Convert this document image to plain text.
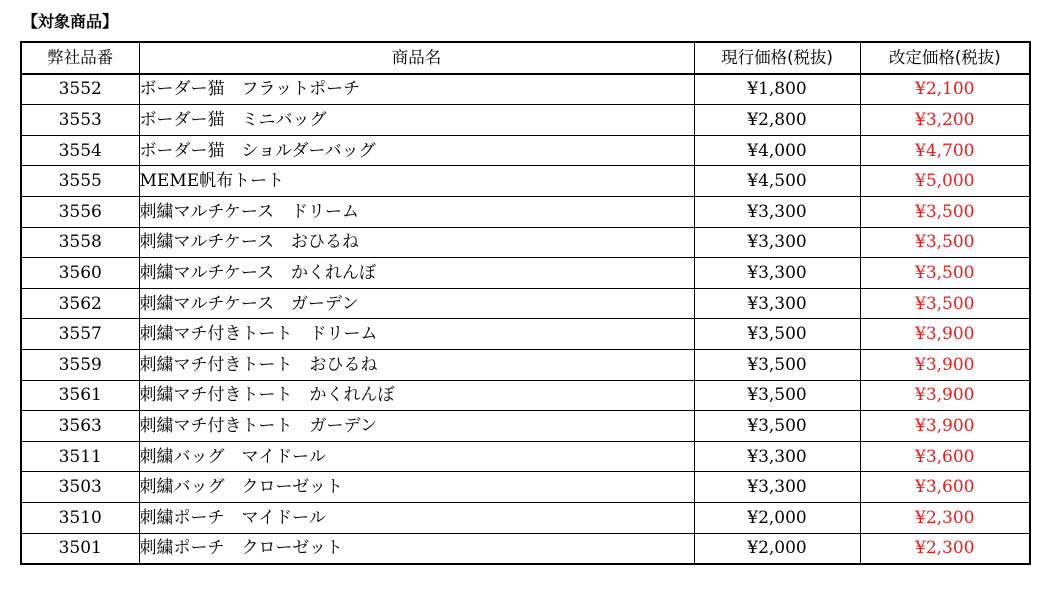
【対象商品】
弊社品番	商品名	現行価格(税抜)	改定価格(税抜)
3552	ボーダー猫　フラットポーチ	¥1,800	¥2,100
3553	ボーダー猫　ミニバッグ	¥2,800	¥3,200
3554	ボーダー猫　ショルダーバッグ	¥4,000	¥4,700
3555	MEME帆布トート	¥4,500	¥5,000
3556	刺繍マルチケース　ドリーム	¥3,300	¥3,500
3558	刺繍マルチケース　おひるね	¥3,300	¥3,500
3560	刺繍マルチケース　かくれんぼ	¥3,300	¥3,500
3562	刺繍マルチケース　ガーデン	¥3,300	¥3,500
3557	刺繍マチ付きトート　ドリーム	¥3,500	¥3,900
3559	刺繍マチ付きトート　おひるね	¥3,500	¥3,900
3561	刺繍マチ付きトート　かくれんぼ	¥3,500	¥3,900
3563	刺繍マチ付きトート　ガーデン	¥3,500	¥3,900
3511	刺繍バッグ　マイドール	¥3,300	¥3,600
3503	刺繍バッグ　クローゼット	¥3,300	¥3,600
3510	刺繍ポーチ　マイドール	¥2,000	¥2,300
3501	刺繍ポーチ　クローゼット	¥2,000	¥2,300
